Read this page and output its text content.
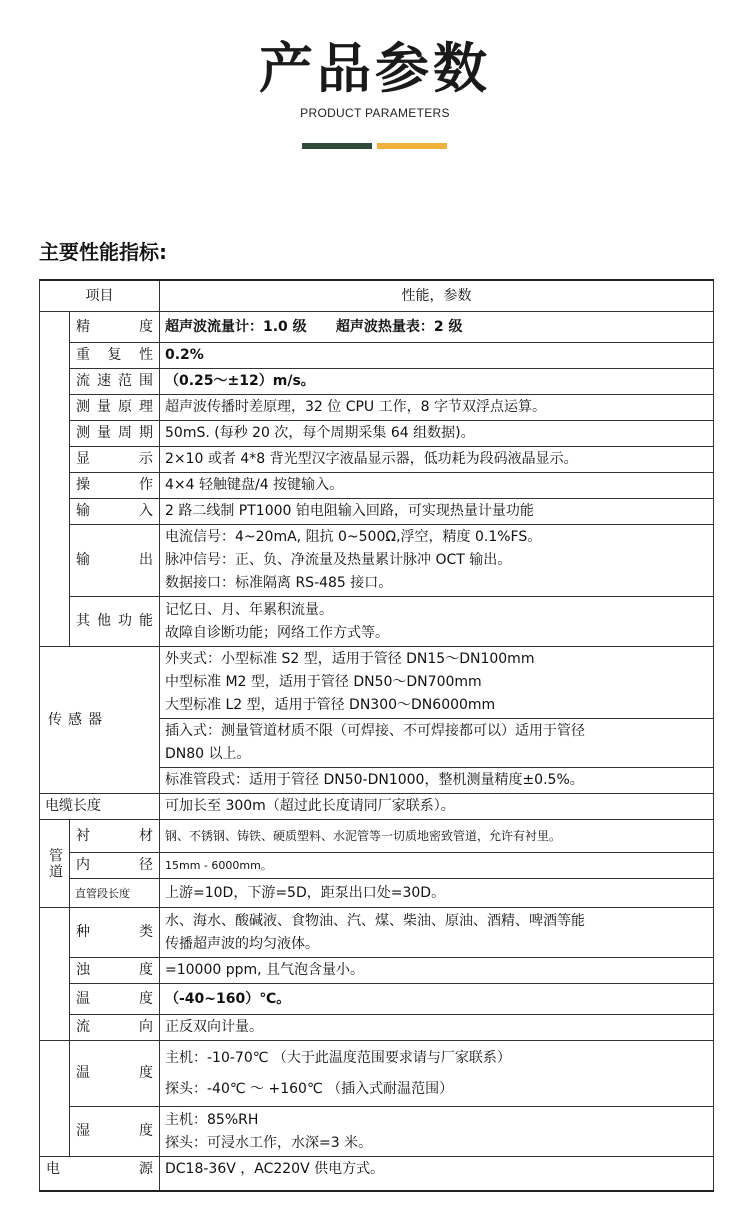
产品参数
PRODUCT PARAMETERS
主要性能指标:
项目		性能，参数
	精 度	超声波流量计：1.0 级      超声波热量表：2 级
	重复性	0.2%
	流速范围	（0.25～±12）m/s。
	测量原理	超声波传播时差原理，32 位 CPU 工作，8 字节双浮点运算。
	测量周期	50mS. (每秒 20 次，每个周期采集 64 组数据)。
	显示	2×10 或者 4*8 背光型汉字液晶显示器，低功耗为段码液晶显示。
	操作	4×4 轻触键盘/4 按键输入。
	输入	2 路二线制 PT1000 铂电阻输入回路，可实现热量计量功能
	输出	电流信号：4~20mA, 阻抗 0~500Ω,浮空，精度 0.1%FS。
脉冲信号：正、负、净流量及热量累计脉冲 OCT 输出。
数据接口：标准隔离 RS-485 接口。

	其他功能	记忆日、月、年累积流量。
故障自诊断功能；网络工作方式等。

传感器		外夹式：小型标准 S2 型，适用于管径 DN15～DN100mm
中型标准 M2 型，适用于管径 DN50～DN700mm
大型标准 L2 型，适用于管径 DN300～DN6000mm

		插入式：测量管道材质不限（可焊接、不可焊接都可以）适用于管径
DN80 以上。

		标准管段式：适用于管径 DN50-DN1000，整机测量精度±0.5%。
电缆长度		可加长至 300m（超过此长度请同厂家联系）。
管道	衬材	钢、不锈钢、铸铁、硬质塑料、水泥管等一切质地密致管道，允许有衬里。
	内径	15mm - 6000mm。
	直管段长度	上游=10D，下游=5D，距泵出口处=30D。
	种类	水、海水、酸碱液、食物油、汽、煤、柴油、原油、酒精、啤酒等能
传播超声波的均匀液体。

	浊度	=10000 ppm, 且气泡含量小。
	温度	（-40~160）℃。
	流向	正反双向计量。
	温度	主机：-10-70℃ （大于此温度范围要求请与厂家联系）
探头：-40℃ ～ +160℃ （插入式耐温范围）

	湿度	主机：85%RH
探头：可浸水工作，水深=3 米。

电源		DC18-36V ，AC220V 供电方式。
